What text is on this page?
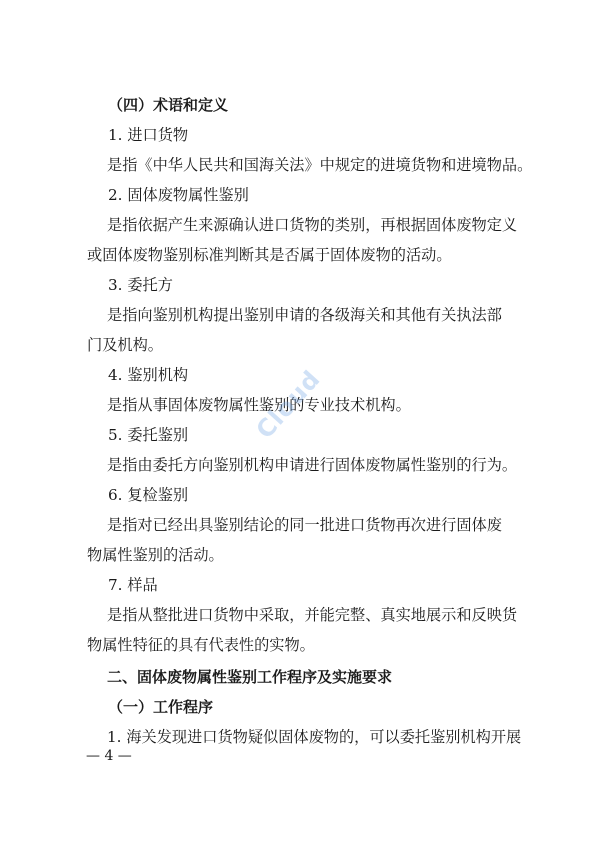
（四）术语和定义
1. 进口货物
是指《中华人民共和国海关法》中规定的进境货物和进境物品。
2. 固体废物属性鉴别
是指依据产生来源确认进口货物的类别，再根据固体废物定义
或固体废物鉴别标准判断其是否属于固体废物的活动。
3. 委托方
是指向鉴别机构提出鉴别申请的各级海关和其他有关执法部
门及机构。
4. 鉴别机构
是指从事固体废物属性鉴别的专业技术机构。
5. 委托鉴别
是指由委托方向鉴别机构申请进行固体废物属性鉴别的行为。
6. 复检鉴别
是指对已经出具鉴别结论的同一批进口货物再次进行固体废
物属性鉴别的活动。
7. 样品
是指从整批进口货物中采取，并能完整、真实地展示和反映货
物属性特征的具有代表性的实物。
二、固体废物属性鉴别工作程序及实施要求
（一）工作程序
1. 海关发现进口货物疑似固体废物的，可以委托鉴别机构开展
— 4 —
Cloud
